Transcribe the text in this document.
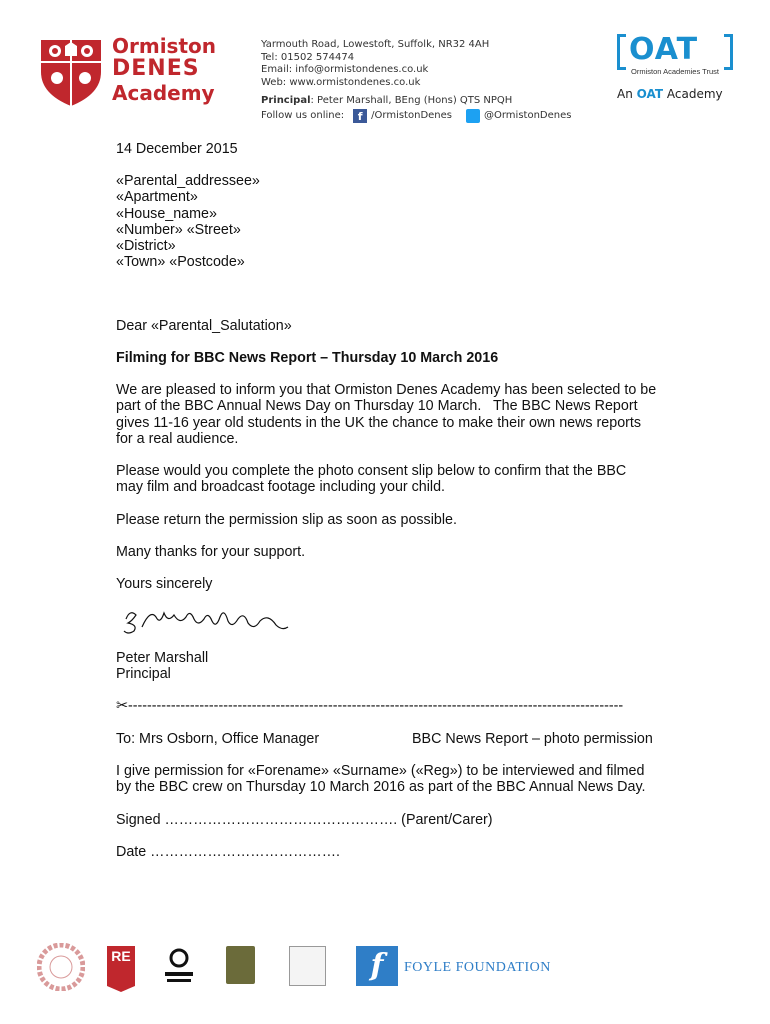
Ormiston
DENES
Academy
Yarmouth Road, Lowestoft, Suffolk, NR32 4AH
Tel: 01502 574474
Email: info@ormistondenes.co.uk
Web: www.ormistondenes.co.uk
Principal: Peter Marshall, BEng (Hons) QTS NPQH
Follow us online:	f /OrmistonDenes	@OrmistonDenes
OAT
Ormiston Academies Trust
An OAT Academy
14 December 2015
«Parental_addressee»
«Apartment»
«House_name»
«Number» «Street»
«District»
«Town» «Postcode»
Dear «Parental_Salutation»
Filming for BBC News Report – Thursday 10 March 2016
We are pleased to inform you that Ormiston Denes Academy has been selected to be
part of the BBC Annual News Day on Thursday 10 March.   The BBC News Report
gives 11-16 year old students in the UK the chance to make their own news reports
for a real audience.
Please would you complete the photo consent slip below to confirm that the BBC
may film and broadcast footage including your child.
Please return the permission slip as soon as possible.
Many thanks for your support.
Yours sincerely
Peter Marshall
Principal
✂--------------------------------------------------------------------------------------------------------
To: Mrs Osborn, Office Manager	BBC News Report – photo permission
I give permission for «Forename» «Surname» («Reg») to be interviewed and filmed
by the BBC crew on Thursday 10 March 2016 as part of the BBC Annual News Day.
Signed …………………………………………. (Parent/Carer)
Date ………………………………….
RE	f	FOYLE FOUNDATION
